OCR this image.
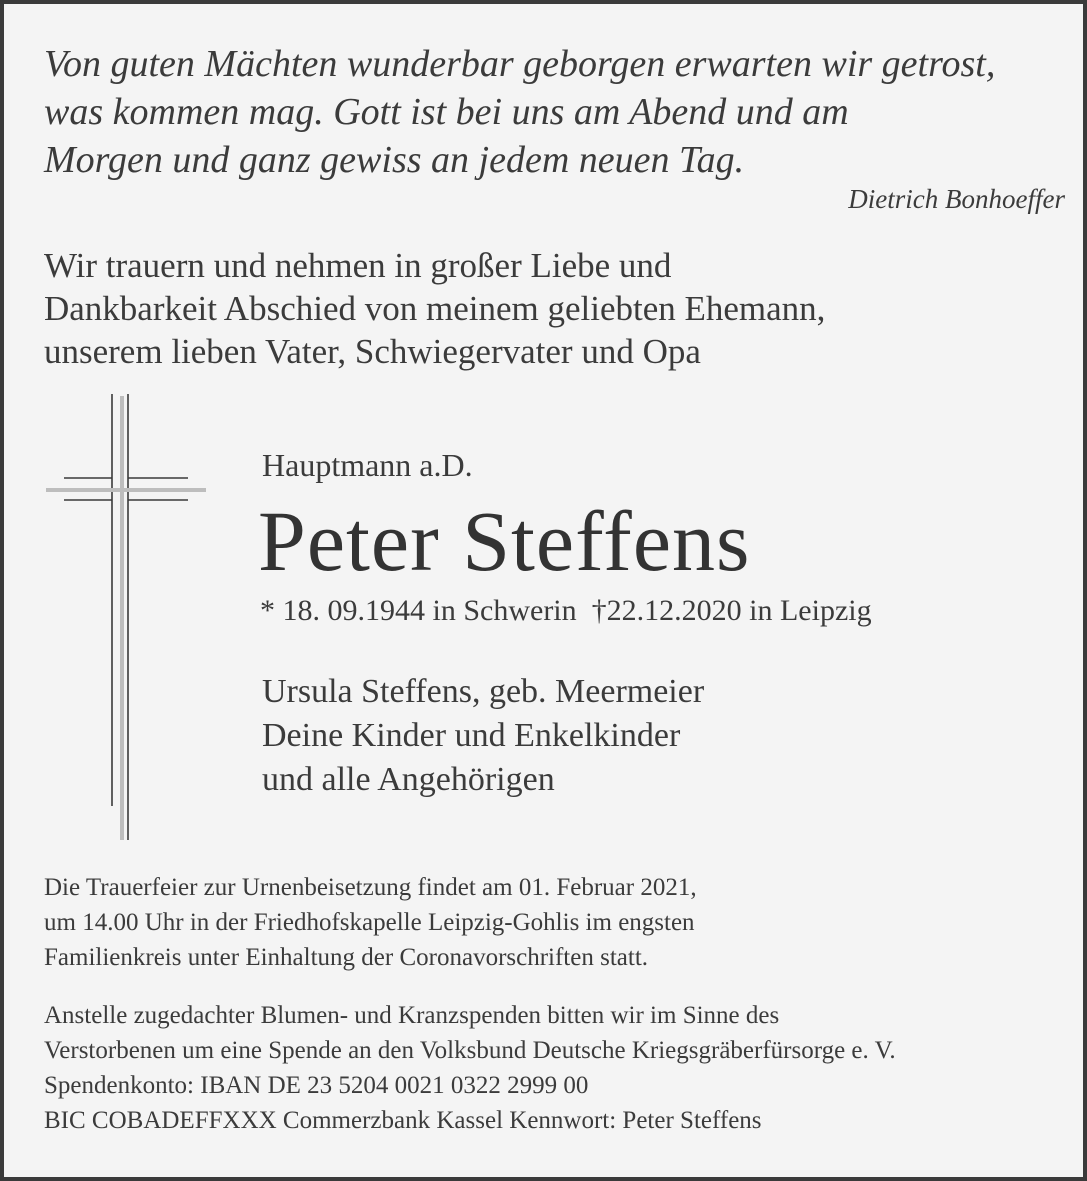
Von guten Mächten wunderbar geborgen erwarten wir getrost,
was kommen mag. Gott ist bei uns am Abend und am
Morgen und ganz gewiss an jedem neuen Tag.

Dietrich Bonhoeffer

Wir trauern und nehmen in großer Liebe und
Dankbarkeit Abschied von meinem geliebten Ehemann,
unserem lieben Vater, Schwiegervater und Opa

Hauptmann a.D.

Peter Steffens

* 18. 09.1944 in Schwerin †22.12.2020 in Leipzig

Ursula Steffens, geb. Meermeier
Deine Kinder und Enkelkinder
und alle Angehörigen

Die Trauerfeier zur Urnenbeisetzung findet am 01. Februar 2021,
um 14.00 Uhr in der Friedhofskapelle Leipzig-Gohlis im engsten
Familienkreis unter Einhaltung der Coronavorschriften statt.

Anstelle zugedachter Blumen- und Kranzspenden bitten wir im Sinne des
Verstorbenen um eine Spende an den Volksbund Deutsche Kriegsgräberfürsorge e. V.
Spendenkonto: IBAN DE 23 5204 0021 0322 2999 00
BIC COBADEFFXXX Commerzbank Kassel Kennwort: Peter Steffens
